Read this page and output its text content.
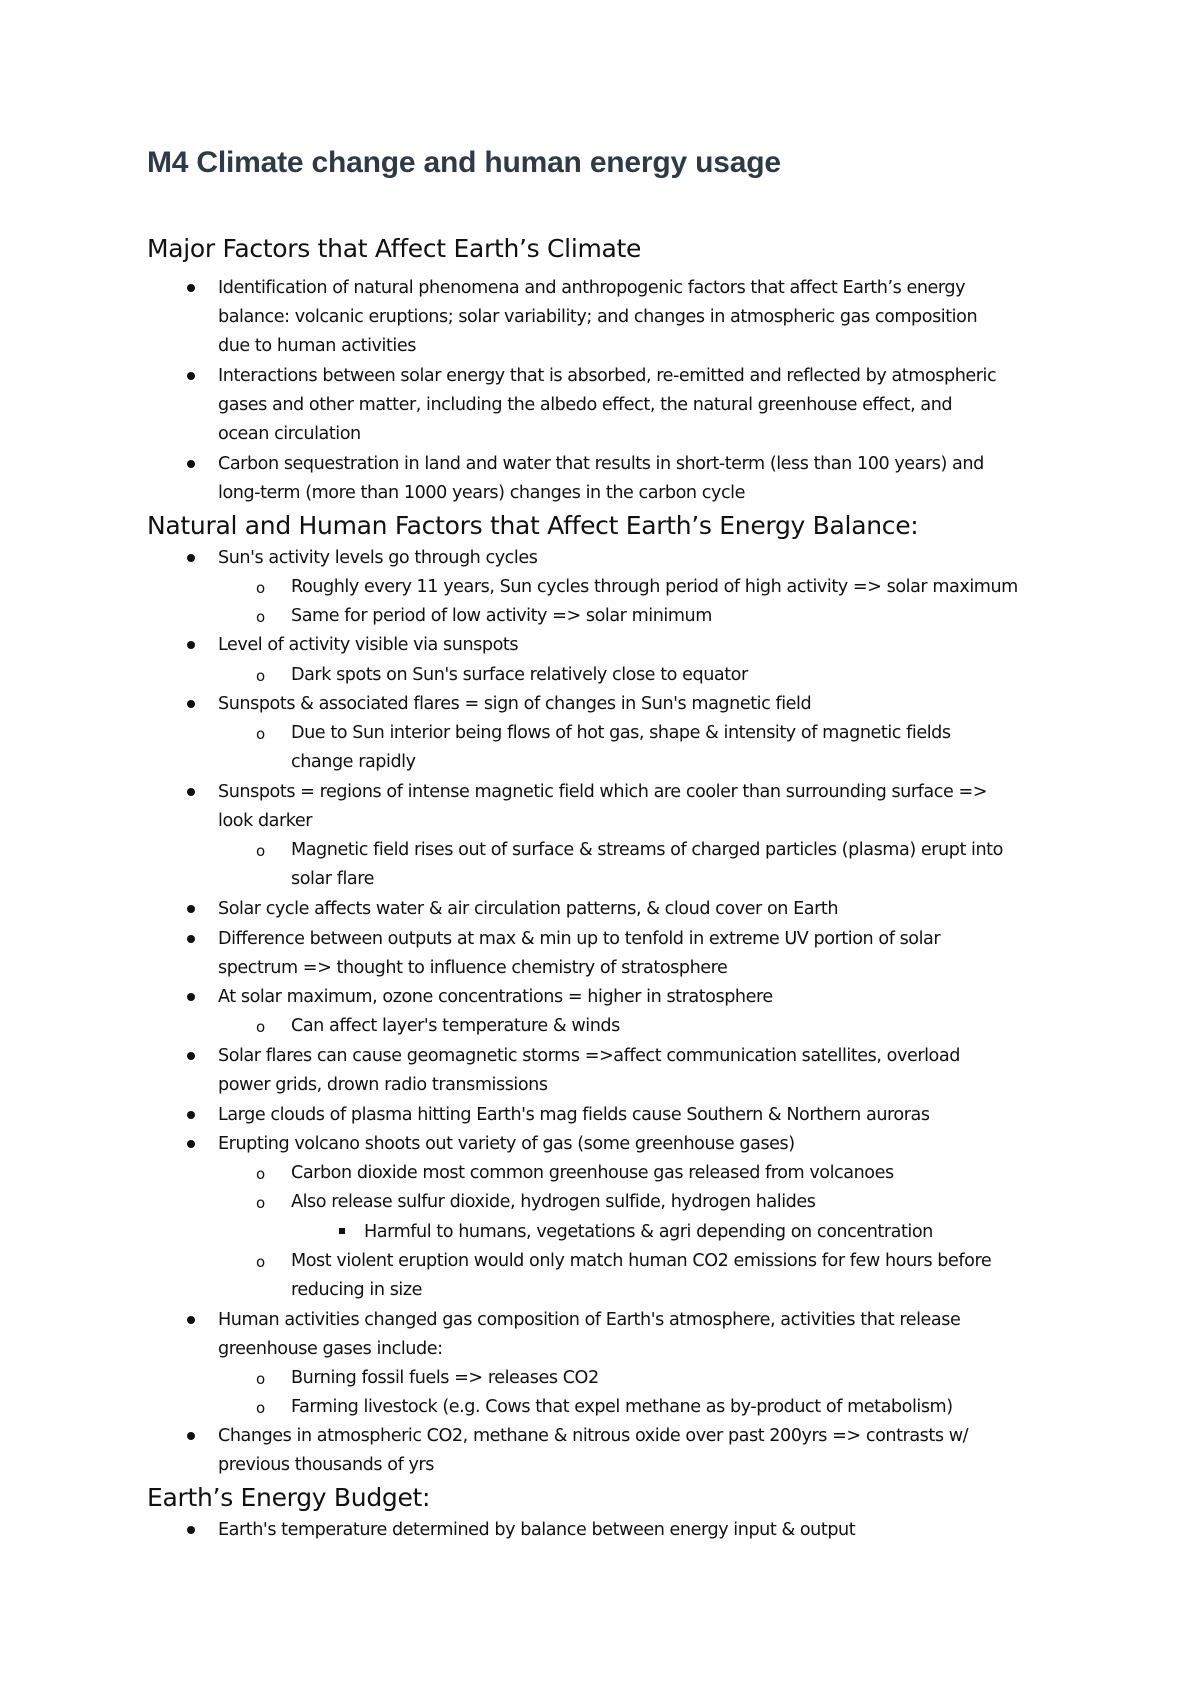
M4 Climate change and human energy usage
Major Factors that Affect Earth’s Climate
Identification of natural phenomena and anthropogenic factors that affect Earth’s energy
balance: volcanic eruptions; solar variability; and changes in atmospheric gas composition
due to human activities
Interactions between solar energy that is absorbed, re-emitted and reflected by atmospheric
gases and other matter, including the albedo effect, the natural greenhouse effect, and
ocean circulation
Carbon sequestration in land and water that results in short-term (less than 100 years) and
long-term (more than 1000 years) changes in the carbon cycle
Natural and Human Factors that Affect Earth’s Energy Balance:
Sun's activity levels go through cycles
o Roughly every 11 years, Sun cycles through period of high activity => solar maximum
o Same for period of low activity => solar minimum
Level of activity visible via sunspots
o Dark spots on Sun's surface relatively close to equator
Sunspots & associated flares = sign of changes in Sun's magnetic field
o Due to Sun interior being flows of hot gas, shape & intensity of magnetic fields
change rapidly
Sunspots = regions of intense magnetic field which are cooler than surrounding surface =>
look darker
o Magnetic field rises out of surface & streams of charged particles (plasma) erupt into
solar flare
Solar cycle affects water & air circulation patterns, & cloud cover on Earth
Difference between outputs at max & min up to tenfold in extreme UV portion of solar
spectrum => thought to influence chemistry of stratosphere
At solar maximum, ozone concentrations = higher in stratosphere
o Can affect layer's temperature & winds
Solar flares can cause geomagnetic storms =>affect communication satellites, overload
power grids, drown radio transmissions
Large clouds of plasma hitting Earth's mag fields cause Southern & Northern auroras
Erupting volcano shoots out variety of gas (some greenhouse gases)
o Carbon dioxide most common greenhouse gas released from volcanoes
o Also release sulfur dioxide, hydrogen sulfide, hydrogen halides
Harmful to humans, vegetations & agri depending on concentration
o Most violent eruption would only match human CO2 emissions for few hours before
reducing in size
Human activities changed gas composition of Earth's atmosphere, activities that release
greenhouse gases include:
o Burning fossil fuels => releases CO2
o Farming livestock (e.g. Cows that expel methane as by-product of metabolism)
Changes in atmospheric CO2, methane & nitrous oxide over past 200yrs => contrasts w/
previous thousands of yrs
Earth’s Energy Budget:
Earth's temperature determined by balance between energy input & output
